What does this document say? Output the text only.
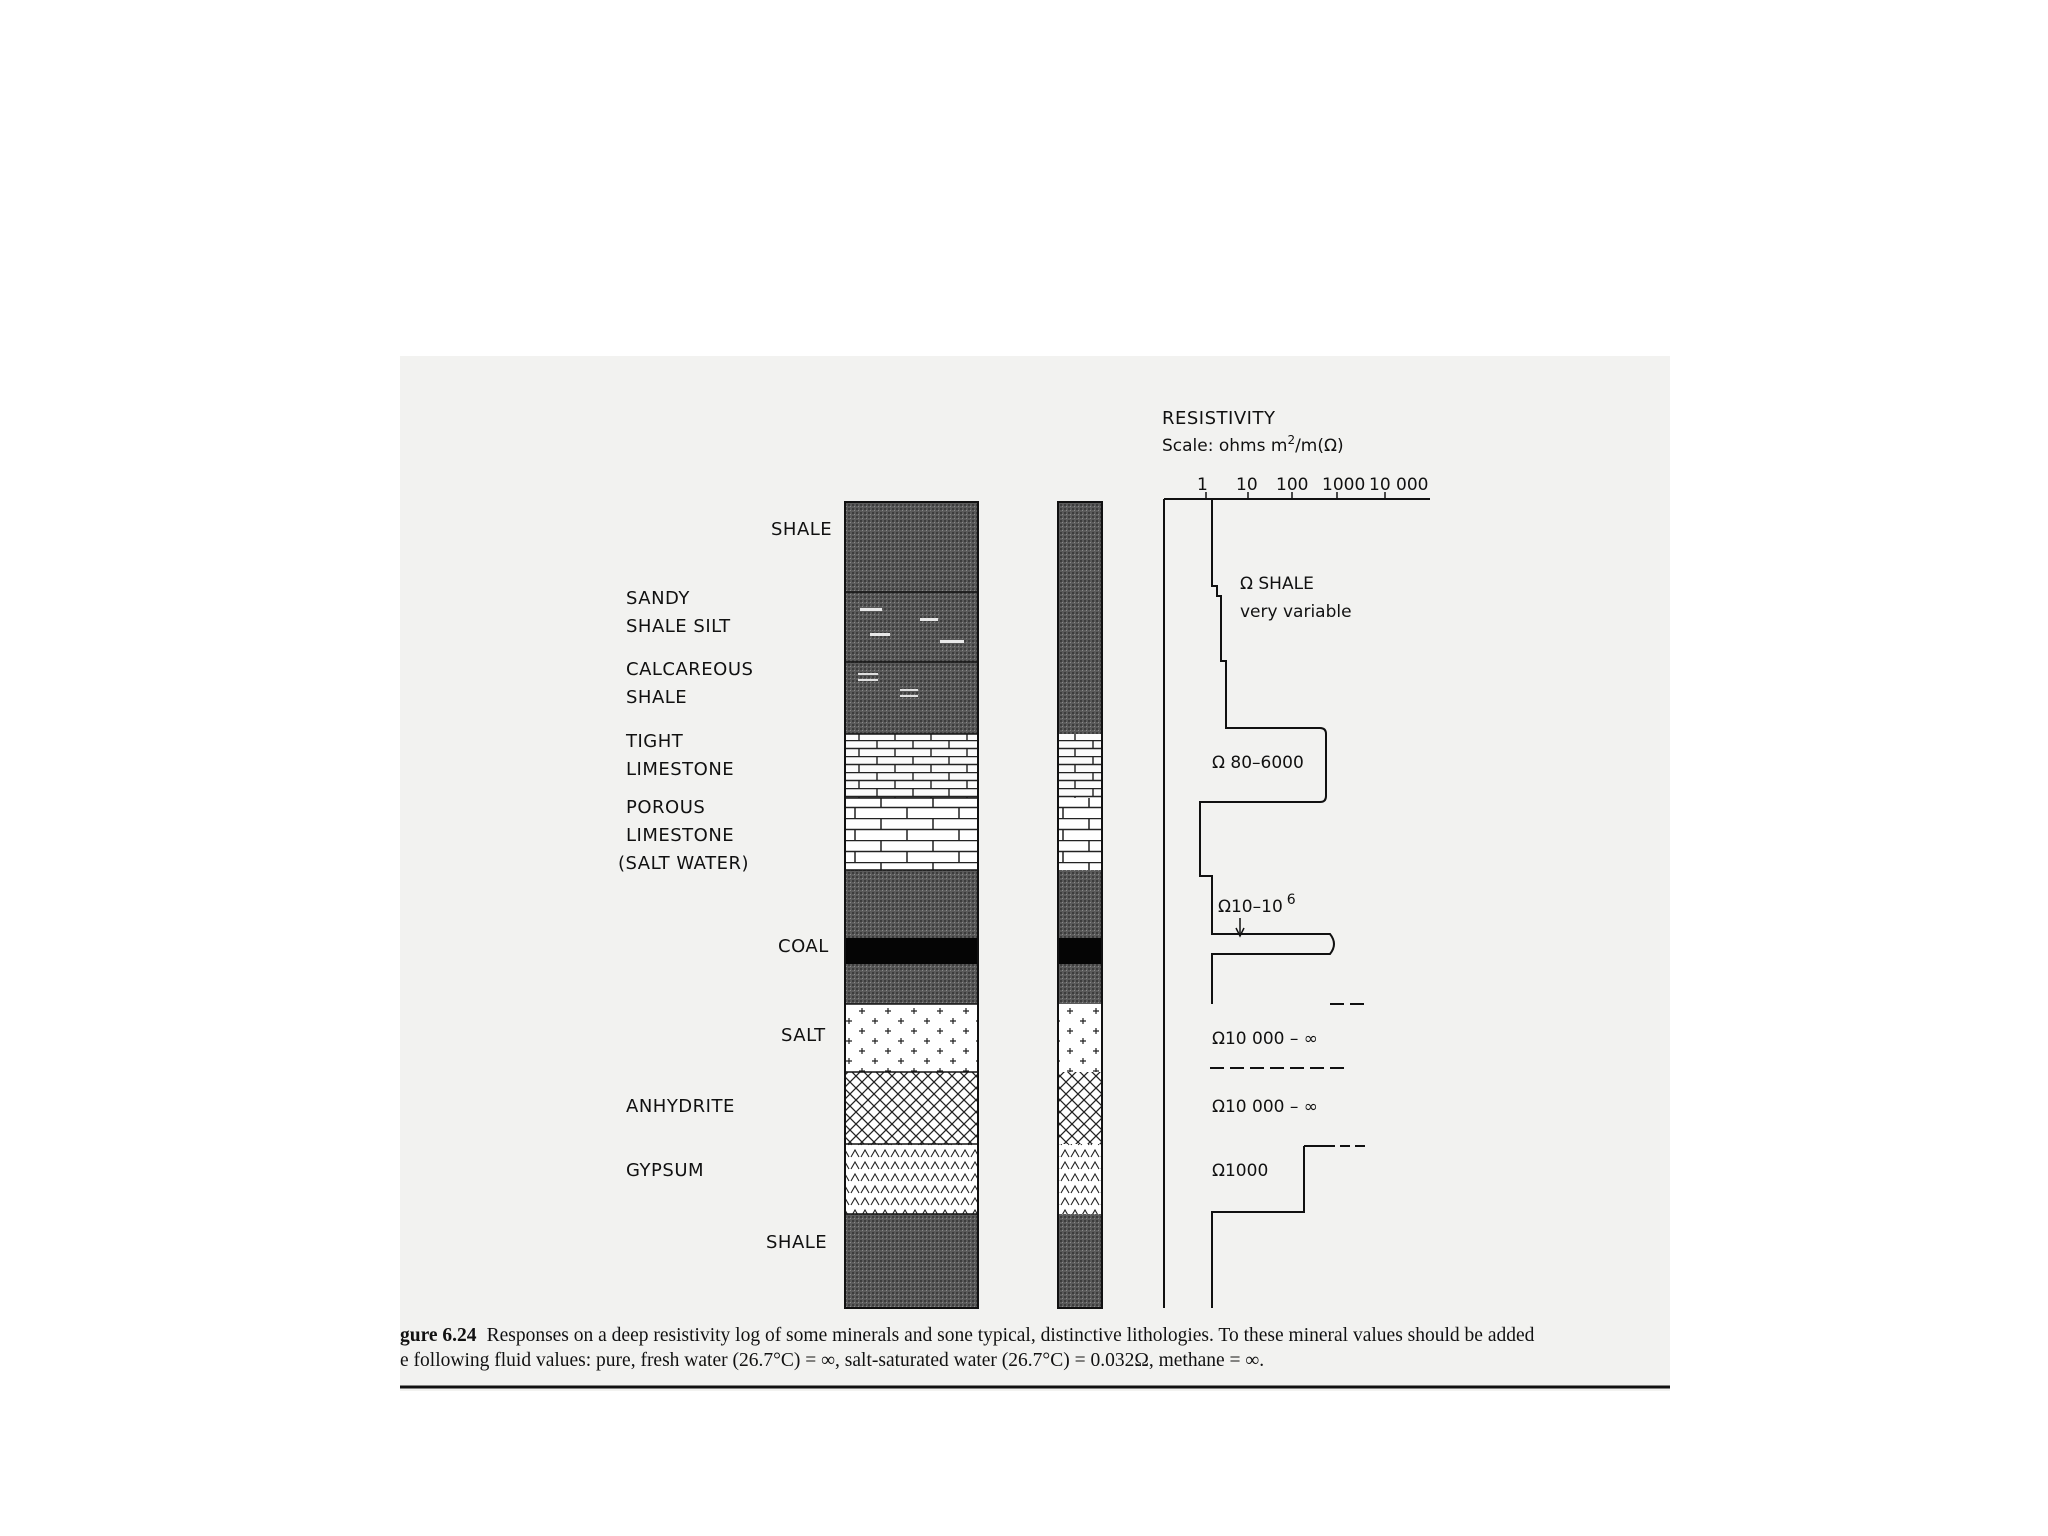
RESISTIVITY
Scale: ohms $m^2/m(\Omega)$
1 10 100 1000 10 000
SHALE
SANDY
SHALE SILT
CALCAREOUS
SHALE
TIGHT
LIMESTONE
POROUS
LIMESTONE
(SALT WATER)
COAL
SALT
ANHYDRITE
GYPSUM
SHALE
Ω SHALE
very variable
Ω 80–6000
Ω10–10 $^6$
Ω10 000 – ∞
Ω10 000 – ∞
Ω1000
gure 6.24 Responses on a deep resistivity log of some minerals and sone typical, distinctive lithologies. To these mineral values should be added
e following fluid values: pure, fresh water (26.7°C) = ∞, salt-saturated water (26.7°C) = 0.032Ω, methane = ∞.
